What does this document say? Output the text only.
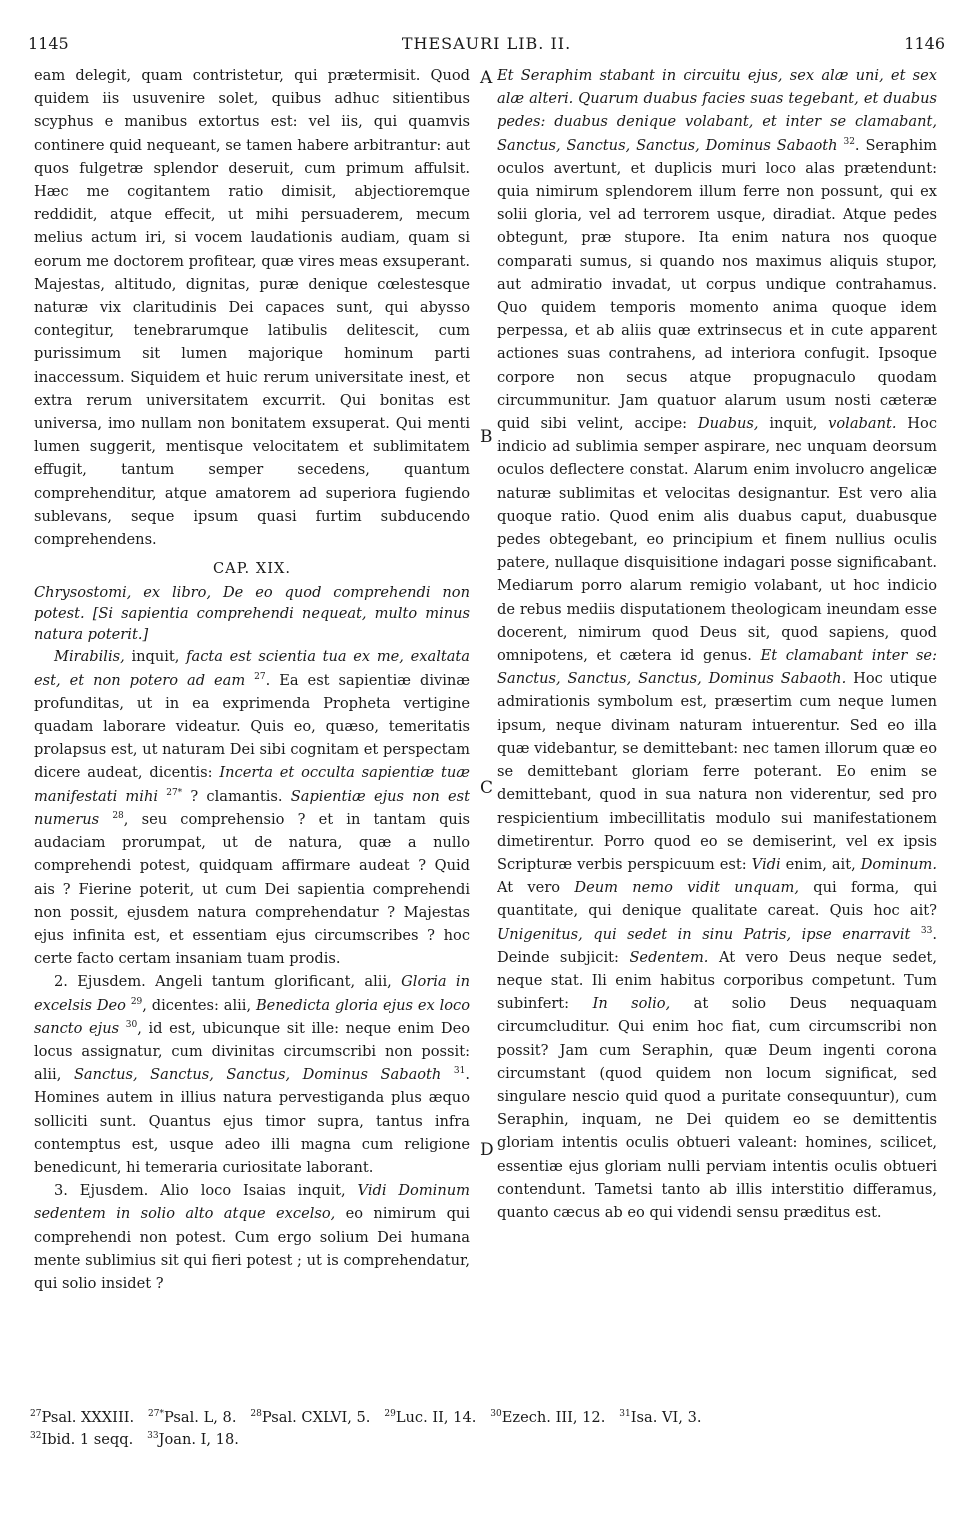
1145	THESAURI LIB. II.	1146
A
B
C
D

eam delegit, quam contristetur, qui prætermisit. Quod quidem iis usuvenire solet, quibus adhuc sitientibus scyphus e manibus extortus est: vel iis, qui quamvis continere quid nequeant, se tamen habere arbitrantur: aut quos fulgetræ splendor deseruit, cum primum affulsit. Hæc me cogitantem ratio dimisit, abjectioremque reddidit, atque effecit, ut mihi persuaderem, mecum melius actum iri, si vocem laudationis audiam, quam si eorum me doctorem profitear, quæ vires meas exsuperant. Majestas, altitudo, dignitas, puræ denique cœlestesque naturæ vix claritudinis Dei capaces sunt, qui abysso contegitur, tenebrarumque latibulis delitescit, cum purissimum sit lumen majorique hominum parti inaccessum. Siquidem et huic rerum universitate inest, et extra rerum universitatem excurrit. Qui bonitas est universa, imo nullam non bonitatem exsuperat. Qui menti lumen suggerit, mentisque velocitatem et sublimitatem effugit, tantum semper secedens, quantum comprehenditur, atque amatorem ad superiora fugiendo sublevans, seque ipsum quasi furtim subducendo comprehendens.

CAP. XIX.

Chrysostomi, ex libro, De eo quod comprehendi non potest. [Si sapientia comprehendi nequeat, multo minus natura poterit.]

Mirabilis, inquit, facta est scientia tua ex me, exaltata est, et non potero ad eam $^{27}$. Ea est sapientiæ divinæ profunditas, ut in ea exprimenda Propheta vertigine quadam laborare videatur. Quis eo, quæso, temeritatis prolapsus est, ut naturam Dei sibi cognitam et perspectam dicere audeat, dicentis: Incerta et occulta sapientiæ tuæ manifestati mihi $^{27*}$ ? clamantis. Sapientiæ ejus non est numerus $^{28}$, seu comprehensio ? et in tantam quis audaciam prorumpat, ut de natura, quæ a nullo comprehendi potest, quidquam affirmare audeat ? Quid ais ? Fierine poterit, ut cum Dei sapientia comprehendi non possit, ejusdem natura comprehendatur ? Majestas ejus infinita est, et essentiam ejus circumscribes ? hoc certe facto certam insaniam tuam prodis.

2. Ejusdem. Angeli tantum glorificant, alii, Gloria in excelsis Deo $^{29}$, dicentes: alii, Benedicta gloria ejus ex loco sancto ejus $^{30}$, id est, ubicunque sit ille: neque enim Deo locus assignatur, cum divinitas circumscribi non possit: alii, Sanctus, Sanctus, Sanctus, Dominus Sabaoth $^{31}$. Homines autem in illius natura pervestiganda plus æquo solliciti sunt. Quantus ejus timor supra, tantus infra contemptus est, usque adeo illi magna cum religione benedicunt, hi temeraria curiositate laborant.

3. Ejusdem. Alio loco Isaias inquit, Vidi Dominum sedentem in solio alto atque excelso, eo nimirum qui comprehendi non potest. Cum ergo solium Dei humana mente sublimius sit qui fieri potest ; ut is comprehendatur, qui solio insidet ?

Et Seraphim stabant in circuitu ejus, sex alæ uni, et sex alæ alteri. Quarum duabus facies suas tegebant, et duabus pedes: duabus denique volabant, et inter se clamabant, Sanctus, Sanctus, Sanctus, Dominus Sabaoth $^{32}$. Seraphim oculos avertunt, et duplicis muri loco alas prætendunt: quia nimirum splendorem illum ferre non possunt, qui ex solii gloria, vel ad terrorem usque, diradiat. Atque pedes obtegunt, præ stupore. Ita enim natura nos quoque comparati sumus, si quando nos maximus aliquis stupor, aut admiratio invadat, ut corpus undique contrahamus. Quo quidem temporis momento anima quoque idem perpessa, et ab aliis quæ extrinsecus et in cute apparent actiones suas contrahens, ad interiora confugit. Ipsoque corpore non secus atque propugnaculo quodam circummunitur. Jam quatuor alarum usum nosti cæteræ quid sibi velint, accipe: Duabus, inquit, volabant. Hoc indicio ad sublimia semper aspirare, nec unquam deorsum oculos deflectere constat. Alarum enim involucro angelicæ naturæ sublimitas et velocitas designantur. Est vero alia quoque ratio. Quod enim alis duabus caput, duabusque pedes obtegebant, eo principium et finem nullius oculis patere, nullaque disquisitione indagari posse significabant. Mediarum porro alarum remigio volabant, ut hoc indicio de rebus mediis disputationem theologicam ineundam esse docerent, nimirum quod Deus sit, quod sapiens, quod omnipotens, et cætera id genus. Et clamabant inter se: Sanctus, Sanctus, Sanctus, Dominus Sabaoth. Hoc utique admirationis symbolum est, præsertim cum neque lumen ipsum, neque divinam naturam intuerentur. Sed eo illa quæ videbantur, se demittebant: nec tamen illorum quæ eo se demittebant gloriam ferre poterant. Eo enim se demittebant, quod in sua natura non viderentur, sed pro respicientium imbecillitatis modulo sui manifestationem dimetirentur. Porro quod eo se demiserint, vel ex ipsis Scripturæ verbis perspicuum est: Vidi enim, ait, Dominum. At vero Deum nemo vidit unquam, qui forma, qui quantitate, qui denique qualitate careat. Quis hoc ait? Unigenitus, qui sedet in sinu Patris, ipse enarravit $^{33}$. Deinde subjicit: Sedentem. At vero Deus neque sedet, neque stat. Ili enim habitus corporibus competunt. Tum subinfert: In solio, at solio Deus nequaquam circumcluditur. Qui enim hoc fiat, cum circumscribi non possit? Jam cum Seraphin, quæ Deum ingenti corona circumstant (quod quidem non locum significat, sed singulare nescio quid quod a puritate consequuntur), cum Seraphin, inquam, ne Dei quidem eo se demittentis gloriam intentis oculis obtueri valeant: homines, scilicet, essentiæ ejus gloriam nulli perviam intentis oculis obtueri contendunt. Tametsi tanto ab illis interstitio differamus, quanto cæcus ab eo qui videndi sensu præditus est.

$^{27}$Psal. XXXIII. $^{27*}$Psal. L, 8. $^{28}$Psal. CXLVI, 5. $^{29}$Luc. II, 14. $^{30}$Ezech. III, 12. $^{31}$Isa. VI, 3.
$^{32}$Ibid. 1 seqq. $^{33}$Joan. I, 18.
